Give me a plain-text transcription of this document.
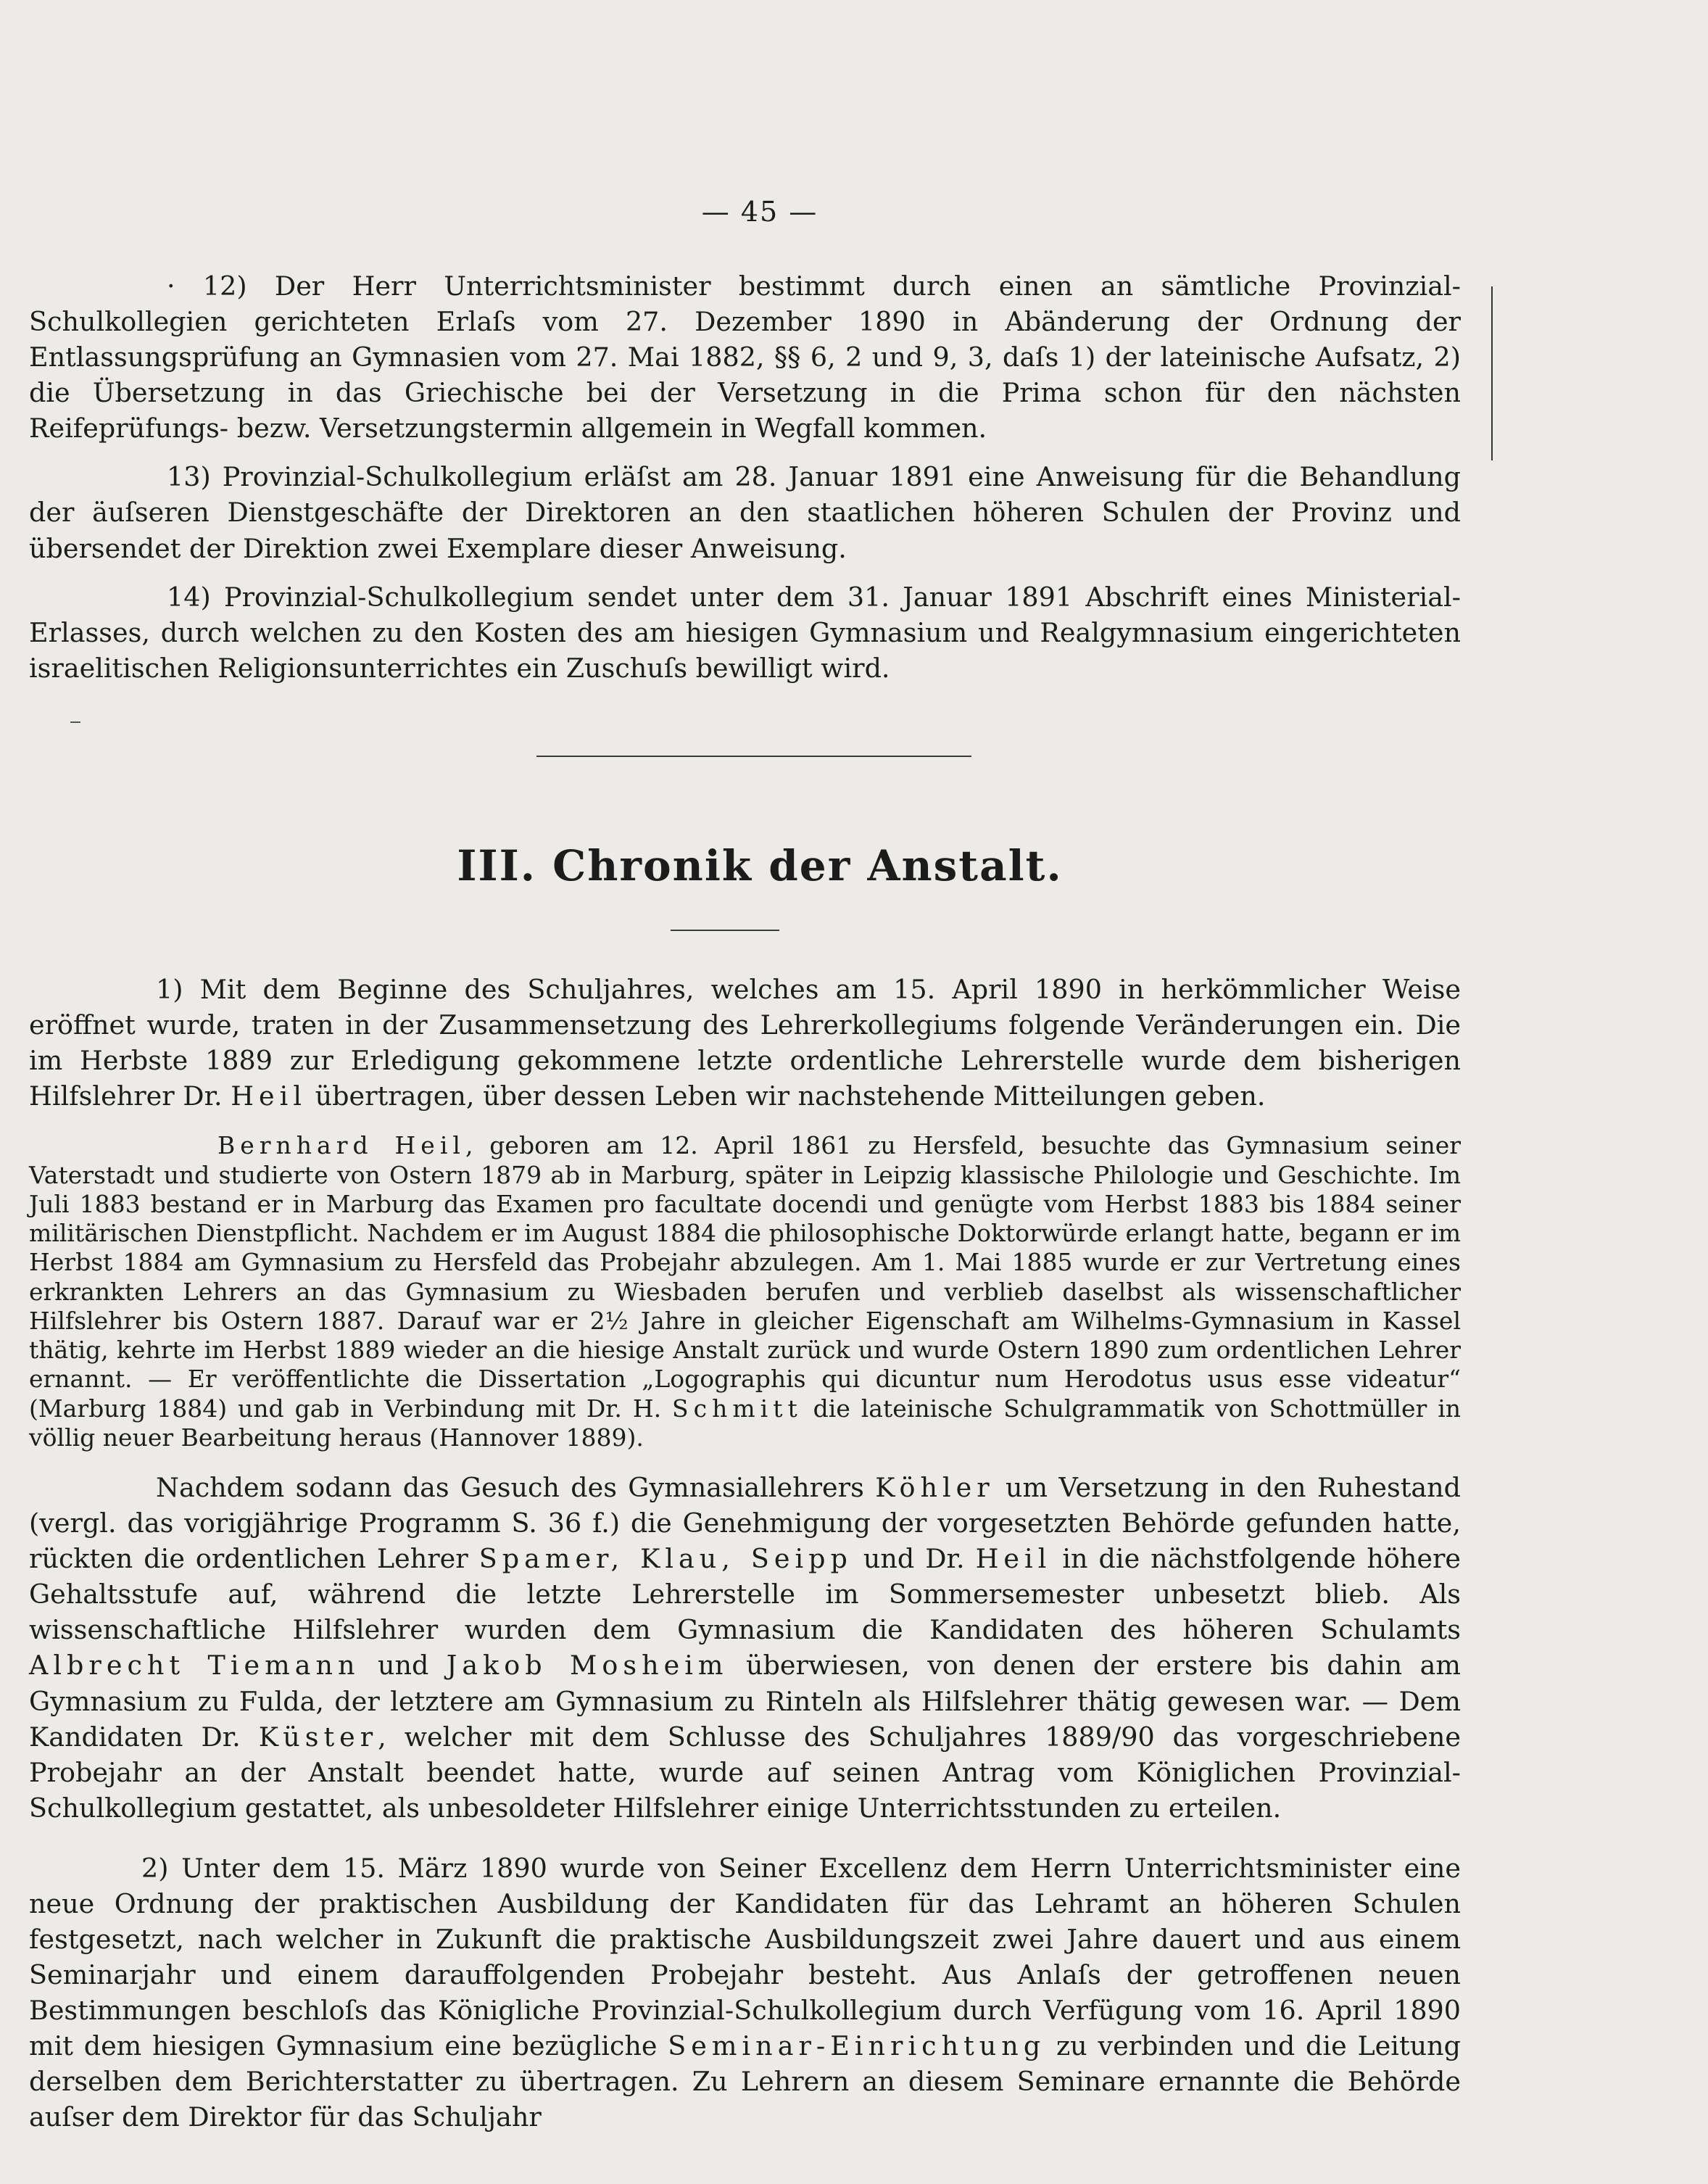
— 45 —

· 12) Der Herr Unterrichtsminister bestimmt durch einen an sämtliche Provinzial-Schulkollegien gerichteten Erlaſs vom 27. Dezember 1890 in Abänderung der Ordnung der Entlassungsprüfung an Gymnasien vom 27. Mai 1882, §§ 6, 2 und 9, 3, daſs 1) der lateinische Aufsatz, 2) die Übersetzung in das Griechische bei der Versetzung in die Prima schon für den nächsten Reifeprüfungs- bezw. Versetzungstermin allgemein in Wegfall kommen.

13) Provinzial-Schulkollegium erläſst am 28. Januar 1891 eine Anweisung für die Behandlung der äuſseren Dienstgeschäfte der Direktoren an den staatlichen höheren Schulen der Provinz und übersendet der Direktion zwei Exemplare dieser Anweisung.

14) Provinzial-Schulkollegium sendet unter dem 31. Januar 1891 Abschrift eines Ministerial-Erlasses, durch welchen zu den Kosten des am hiesigen Gymnasium und Realgymnasium eingerichteten israelitischen Religionsunterrichtes ein Zuschuſs bewilligt wird.

III. Chronik der Anstalt.

1) Mit dem Beginne des Schuljahres, welches am 15. April 1890 in herkömmlicher Weise eröffnet wurde, traten in der Zusammensetzung des Lehrerkollegiums folgende Veränderungen ein. Die im Herbste 1889 zur Erledigung gekommene letzte ordentliche Lehrerstelle wurde dem bisherigen Hilfslehrer Dr. Heil übertragen, über dessen Leben wir nachstehende Mitteilungen geben.

Bernhard Heil, geboren am 12. April 1861 zu Hersfeld, besuchte das Gymnasium seiner Vaterstadt und studierte von Ostern 1879 ab in Marburg, später in Leipzig klassische Philologie und Geschichte. Im Juli 1883 bestand er in Marburg das Examen pro facultate docendi und genügte vom Herbst 1883 bis 1884 seiner militärischen Dienstpflicht. Nachdem er im August 1884 die philosophische Doktorwürde erlangt hatte, begann er im Herbst 1884 am Gymnasium zu Hersfeld das Probejahr abzulegen. Am 1. Mai 1885 wurde er zur Vertretung eines erkrankten Lehrers an das Gymnasium zu Wiesbaden berufen und verblieb daselbst als wissenschaftlicher Hilfslehrer bis Ostern 1887. Darauf war er 2½ Jahre in gleicher Eigenschaft am Wilhelms-Gymnasium in Kassel thätig, kehrte im Herbst 1889 wieder an die hiesige Anstalt zurück und wurde Ostern 1890 zum ordentlichen Lehrer ernannt. — Er veröffentlichte die Dissertation „Logographis qui dicuntur num Herodotus usus esse videatur“ (Marburg 1884) und gab in Verbindung mit Dr. H. Schmitt die lateinische Schulgrammatik von Schottmüller in völlig neuer Bearbeitung heraus (Hannover 1889).

Nachdem sodann das Gesuch des Gymnasiallehrers Köhler um Versetzung in den Ruhestand (vergl. das vorigjährige Programm S. 36 f.) die Genehmigung der vorgesetzten Behörde gefunden hatte, rückten die ordentlichen Lehrer Spamer, Klau, Seipp und Dr. Heil in die nächstfolgende höhere Gehaltsstufe auf, während die letzte Lehrerstelle im Sommersemester unbesetzt blieb. Als wissenschaftliche Hilfslehrer wurden dem Gymnasium die Kandidaten des höheren Schulamts Albrecht Tiemann und Jakob Mosheim überwiesen, von denen der erstere bis dahin am Gymnasium zu Fulda, der letztere am Gymnasium zu Rinteln als Hilfslehrer thätig gewesen war. — Dem Kandidaten Dr. Küster, welcher mit dem Schlusse des Schuljahres 1889/90 das vorgeschriebene Probejahr an der Anstalt beendet hatte, wurde auf seinen Antrag vom Königlichen Provinzial-Schulkollegium gestattet, als unbesoldeter Hilfslehrer einige Unterrichtsstunden zu erteilen.

2) Unter dem 15. März 1890 wurde von Seiner Excellenz dem Herrn Unterrichtsminister eine neue Ordnung der praktischen Ausbildung der Kandidaten für das Lehramt an höheren Schulen festgesetzt, nach welcher in Zukunft die praktische Ausbildungszeit zwei Jahre dauert und aus einem Seminarjahr und einem darauffolgenden Probejahr besteht. Aus Anlaſs der getroffenen neuen Bestimmungen beschloſs das Königliche Provinzial-Schulkollegium durch Verfügung vom 16. April 1890 mit dem hiesigen Gymnasium eine bezügliche Seminar-Einrichtung zu verbinden und die Leitung derselben dem Berichterstatter zu übertragen. Zu Lehrern an diesem Seminare ernannte die Behörde auſser dem Direktor für das Schuljahr
